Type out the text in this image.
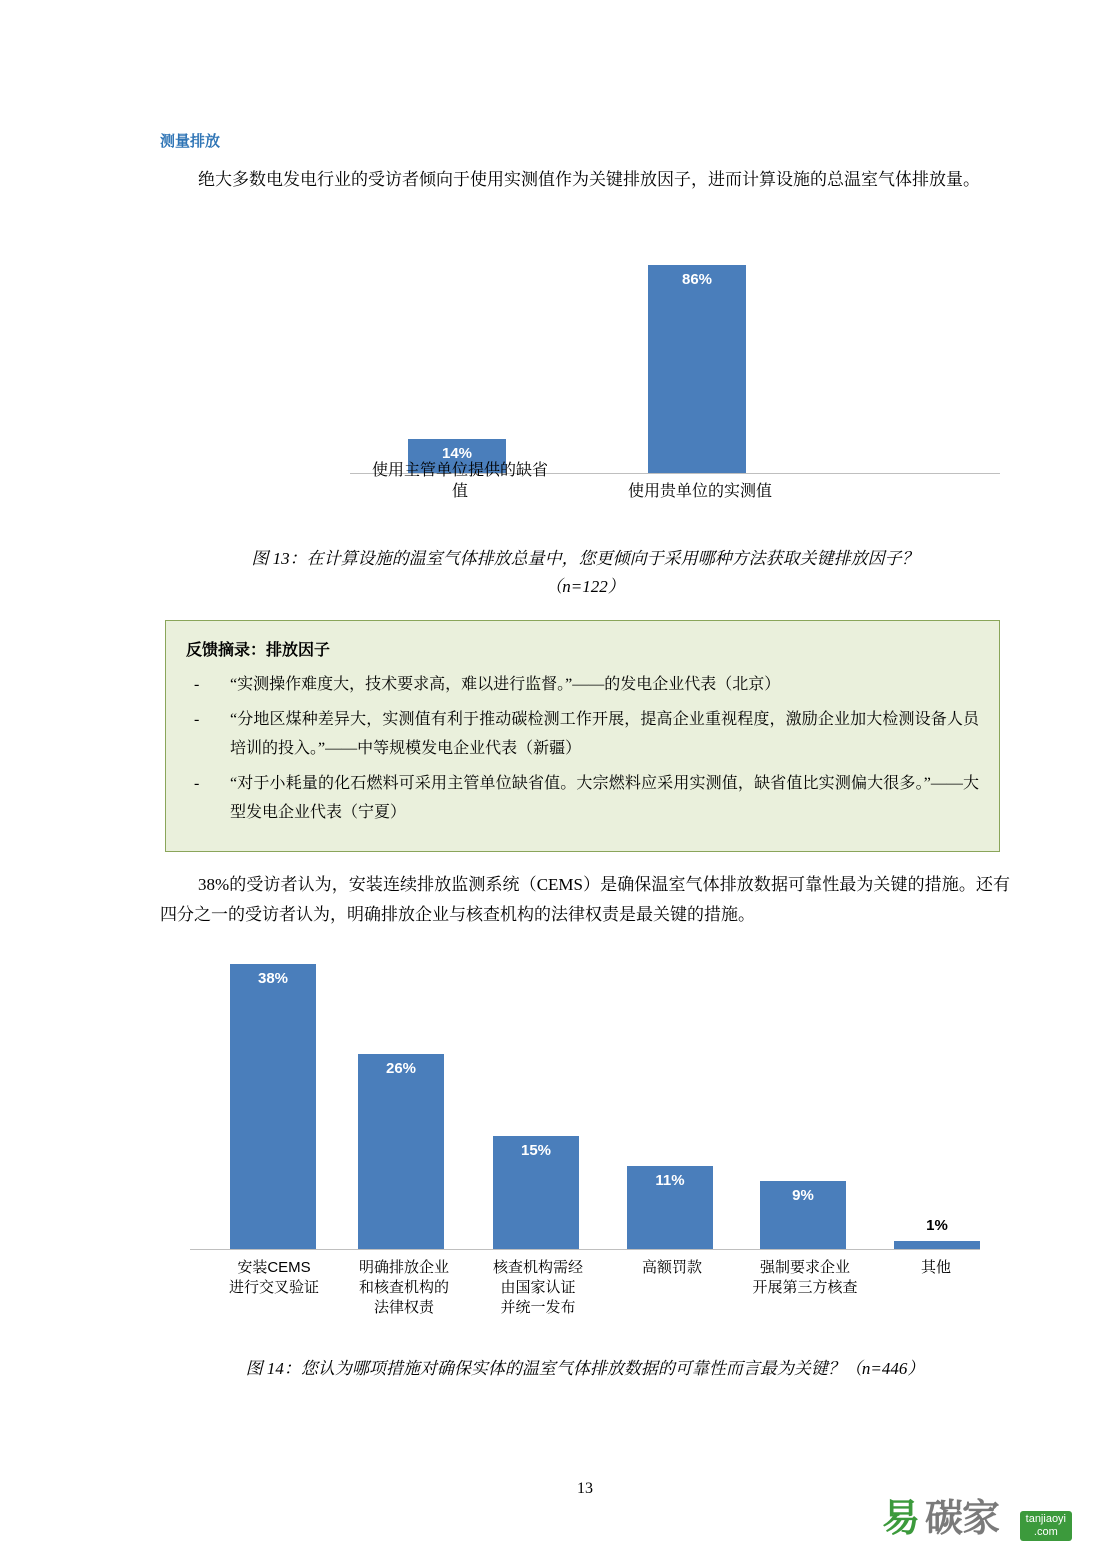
测量排放
绝大多数电发电行业的受访者倾向于使用实测值作为关键排放因子，进而计算设施的总温室气体排放量。
14%
86%
使用主管单位提供的缺省值	使用贵单位的实测值
图 13：在计算设施的温室气体排放总量中，您更倾向于采用哪种方法获取关键排放因子？
（n=122）
反馈摘录：排放因子
- “实测操作难度大，技术要求高，难以进行监督。”——的发电企业代表（北京）
- “分地区煤种差异大，实测值有利于推动碳检测工作开展，提高企业重视程度，激励企业加大检测设备人员培训的投入。”——中等规模发电企业代表（新疆）
- “对于小耗量的化石燃料可采用主管单位缺省值。大宗燃料应采用实测值，缺省值比实测偏大很多。”——大型发电企业代表（宁夏）
38%的受访者认为，安装连续排放监测系统（CEMS）是确保温室气体排放数据可靠性最为关键的措施。还有四分之一的受访者认为，明确排放企业与核查机构的法律权责是最关键的措施。
38%
26%
15%
11%
9%
1%
安装CEMS
进行交叉验证
明确排放企业
和核查机构的
法律权责
核查机构需经
由国家认证
并统一发布
高额罚款	强制要求企业
开展第三方核查
其他
图 14：您认为哪项措施对确保实体的温室气体排放数据的可靠性而言最为关键？（n=446）
13
易 碳家	tanjiaoyi
.com
